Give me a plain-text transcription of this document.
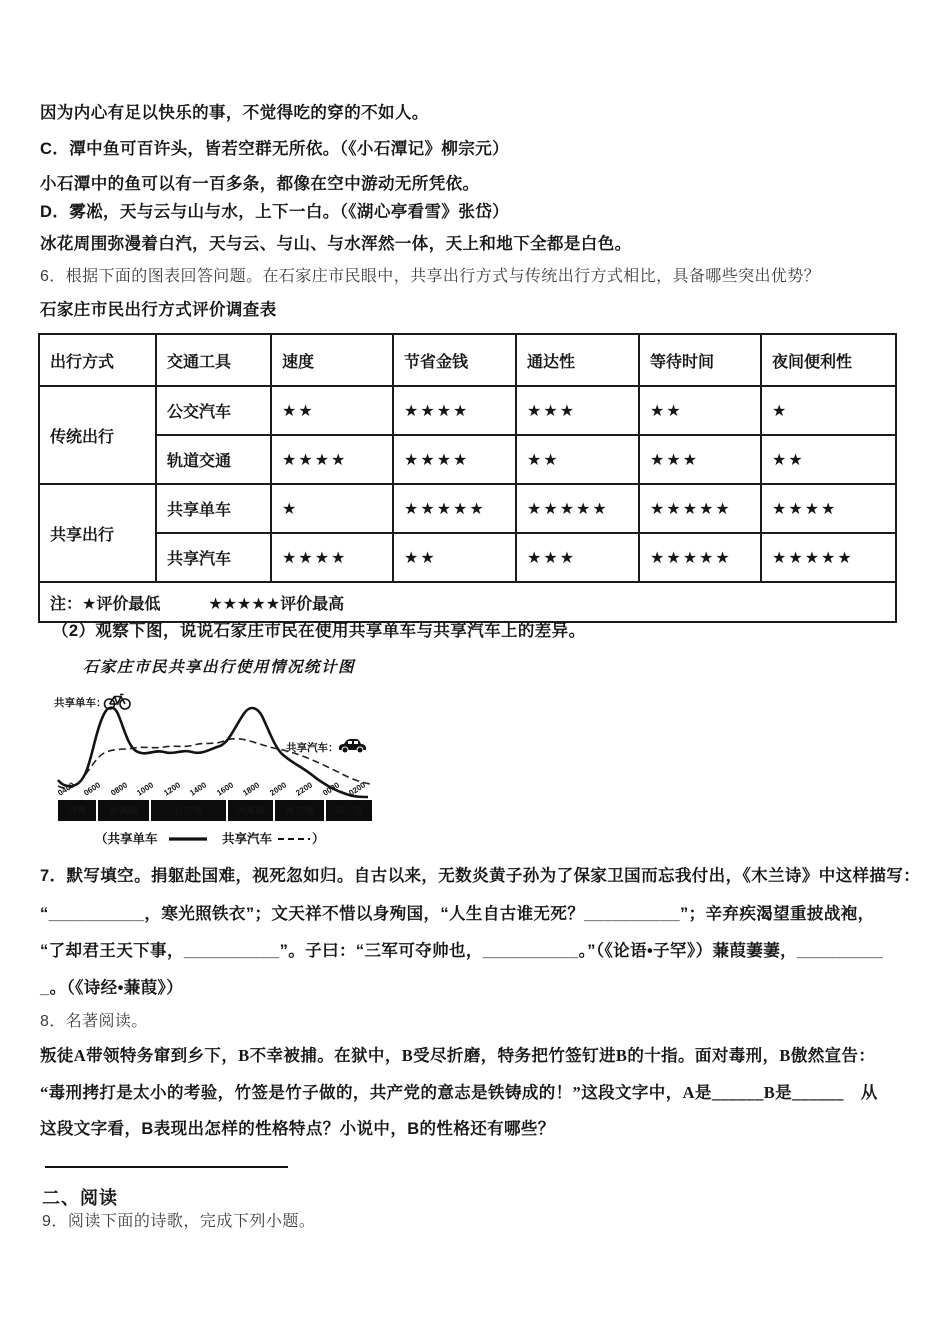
因为内心有足以快乐的事，不觉得吃的穿的不如人。
C．潭中鱼可百许头，皆若空群无所依。（《小石潭记》柳宗元）
小石潭中的鱼可以有一百多条，都像在空中游动无所凭依。
D．雾凇，天与云与山与水，上下一白。（《湖心亭看雪》张岱）
冰花周围弥漫着白汽，天与云、与山、与水浑然一体，天上和地下全都是白色。
6．根据下面的图表回答问题。在石家庄市民眼中，共享出行方式与传统出行方式相比，具备哪些突出优势？
石家庄市民出行方式评价调查表
出行方式	交通工具	速度	节省金钱	通达性	等待时间	夜间便利性
传统出行	公交汽车	★★	★★★★	★★★	★★	★
	轨道交通	★★★★	★★★★	★★	★★★	★★
共享出行	共享单车	★	★★★★★	★★★★★	★★★★★	★★★★
	共享汽车	★★★★	★★	★★★	★★★★★	★★★★★
注：★评价最低　　　★★★★★评价最高						
（2）观察下图，说说石家庄市民在使用共享单车与共享汽车上的差异。
石家庄市民共享出行使用情况统计图
共享单车：
共享汽车：
0400 0600 0800 1000 1200 1400 1600 1800 2000 2200 0000 0200
清晨 早高峰	日交通	晚高峰 晚交通 深　夜
（共享单车	共享汽车	）
7．默写填空。捐躯赴国难，视死忽如归。自古以来，无数炎黄子孙为了保家卫国而忘我付出，《木兰诗》中这样描写：
“__________，寒光照铁衣”；文天祥不惜以身殉国，“人生自古谁无死？__________”；辛弃疾渴望重披战袍，
“了却君王天下事，__________”。子曰：“三军可夺帅也，__________。”（《论语•子罕》）蒹葭萋萋，_________
_。（《诗经•蒹葭》）
8．名著阅读。
叛徒A带领特务窜到乡下，B不幸被捕。在狱中，B受尽折磨，特务把竹签钉进B的十指。面对毒刑，B傲然宣告：
“毒刑拷打是太小的考验，竹签是竹子做的，共产党的意志是铁铸成的！”这段文字中，A是______B是______　从
这段文字看，B表现出怎样的性格特点？小说中，B的性格还有哪些？
二、阅读
9．阅读下面的诗歌，完成下列小题。
